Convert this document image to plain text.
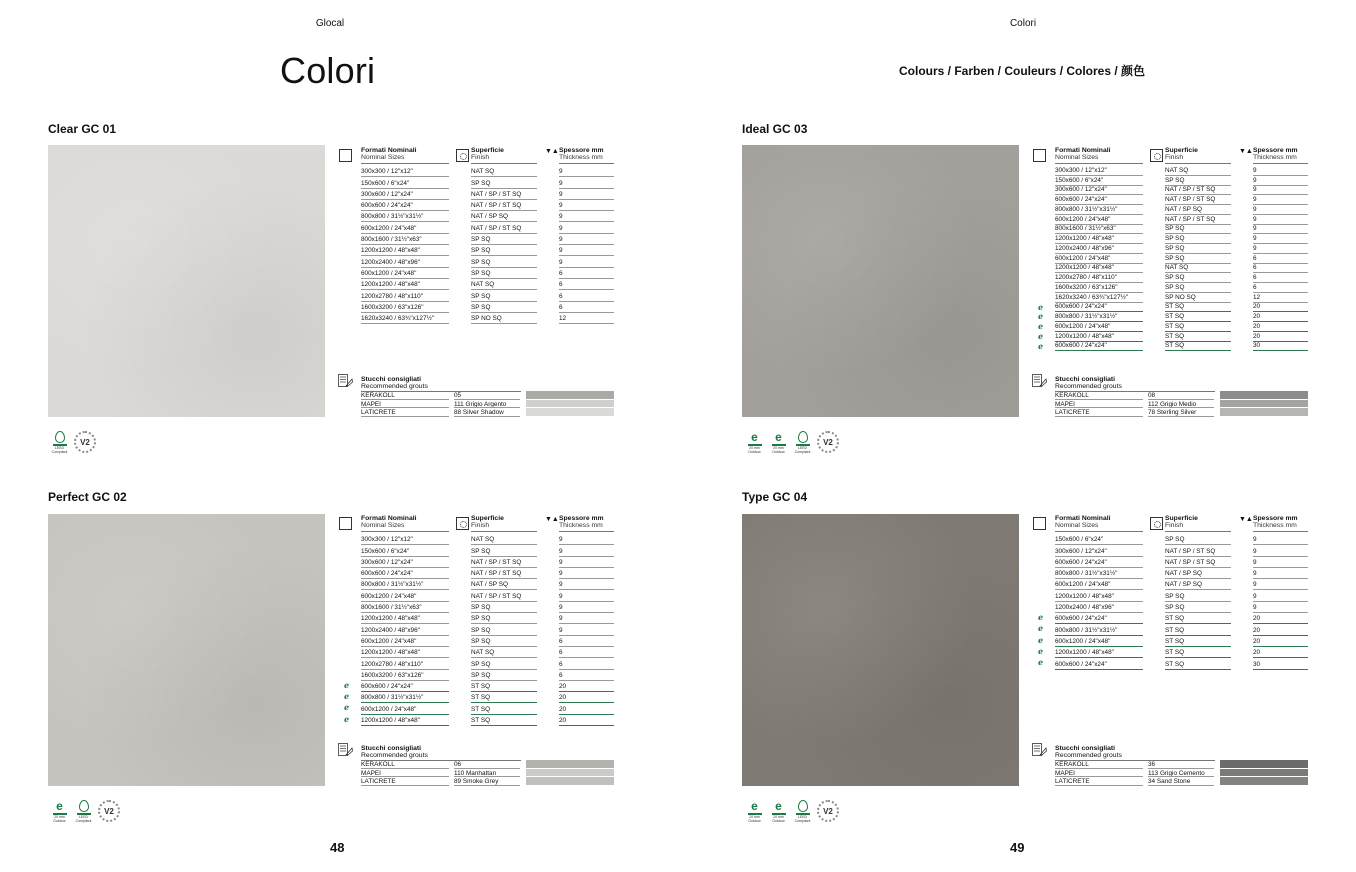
Glocal
Colori
Colori
Colours / Farben / Couleurs / Colores / 颜色
48	49
Clear GC 01
▼▲
Formati Nominali
Nominal Sizes
Superficie
Finish
Spessore mm
Thickness mm
300x300 / 12"x12"	NAT SQ	9
150x600 / 6"x24"	SP SQ	9
300x600 / 12"x24"	NAT / SP / ST SQ	9
600x600 / 24"x24"	NAT / SP / ST SQ	9
800x800 / 31½"x31½"	NAT / SP SQ	9
600x1200 / 24"x48"	NAT / SP / ST SQ	9
800x1600 / 31½"x63"	SP SQ	9
1200x1200 / 48"x48"	SP SQ	9
1200x2400 / 48"x96"	SP SQ	9
600x1200 / 24"x48"	SP SQ	6
1200x1200 / 48"x48"	NAT SQ	6
1200x2780 / 48"x110"	SP SQ	6
1600x3200 / 63"x126"	SP SQ	6
1620x3240 / 63¾"x127½"	SP NO SQ	12
Stucchi consigliati
Recommended grouts
KERAKOLL	05
MAPEI	111 Grigio Argento
LATICRETE	88 Silver Shadow
LEED Compliant
V2
Ideal GC 03
▼▲
Formati Nominali
Nominal Sizes
Superficie
Finish
Spessore mm
Thickness mm
300x300 / 12"x12"	NAT SQ	9
150x600 / 6"x24"	SP SQ	9
300x600 / 12"x24"	NAT / SP / ST SQ	9
600x600 / 24"x24"	NAT / SP / ST SQ	9
800x800 / 31½"x31½"	NAT / SP SQ	9
600x1200 / 24"x48"	NAT / SP / ST SQ	9
800x1600 / 31½"x63"	SP SQ	9
1200x1200 / 48"x48"	SP SQ	9
1200x2400 / 48"x96"	SP SQ	9
600x1200 / 24"x48"	SP SQ	6
1200x1200 / 48"x48"	NAT SQ	6
1200x2780 / 48"x110"	SP SQ	6
1600x3200 / 63"x126"	SP SQ	6
1620x3240 / 63¾"x127½"	SP NO SQ	12
ℯ 600x600 / 24"x24"	ST SQ	20
ℯ 800x800 / 31½"x31½"	ST SQ	20
ℯ 600x1200 / 24"x48"	ST SQ	20
ℯ 1200x1200 / 48"x48"	ST SQ	20
ℯ 600x600 / 24"x24"	ST SQ	30
Stucchi consigliati
Recommended grouts
KERAKOLL	08
MAPEI	112 Grigio Medio
LATICRETE	78 Sterling Silver
e
20 mm Outdoor
e
20 mm Outdoor
LEED Compliant
V2
Perfect GC 02
▼▲
Formati Nominali
Nominal Sizes
Superficie
Finish
Spessore mm
Thickness mm
300x300 / 12"x12"	NAT SQ	9
150x600 / 6"x24"	SP SQ	9
300x600 / 12"x24"	NAT / SP / ST SQ	9
600x600 / 24"x24"	NAT / SP / ST SQ	9
800x800 / 31½"x31½"	NAT / SP SQ	9
600x1200 / 24"x48"	NAT / SP / ST SQ	9
800x1600 / 31½"x63"	SP SQ	9
1200x1200 / 48"x48"	SP SQ	9
1200x2400 / 48"x96"	SP SQ	9
600x1200 / 24"x48"	SP SQ	6
1200x1200 / 48"x48"	NAT SQ	6
1200x2780 / 48"x110"	SP SQ	6
1600x3200 / 63"x126"	SP SQ	6
ℯ 600x600 / 24"x24"	ST SQ	20
ℯ 800x800 / 31½"x31½"	ST SQ	20
ℯ 600x1200 / 24"x48"	ST SQ	20
ℯ 1200x1200 / 48"x48"	ST SQ	20
Stucchi consigliati
Recommended grouts
KERAKOLL	06
MAPEI	110 Manhattan
LATICRETE	89 Smoke Grey
e
20 mm Outdoor
LEED Compliant
V2
Type GC 04
▼▲
Formati Nominali
Nominal Sizes
Superficie
Finish
Spessore mm
Thickness mm
150x600 / 6"x24"	SP SQ	9
300x600 / 12"x24"	NAT / SP / ST SQ	9
600x600 / 24"x24"	NAT / SP / ST SQ	9
800x800 / 31½"x31½"	NAT / SP SQ	9
600x1200 / 24"x48"	NAT / SP SQ	9
1200x1200 / 48"x48"	SP SQ	9
1200x2400 / 48"x96"	SP SQ	9
ℯ 600x600 / 24"x24"	ST SQ	20
ℯ 800x800 / 31½"x31½"	ST SQ	20
ℯ 600x1200 / 24"x48"	ST SQ	20
ℯ 1200x1200 / 48"x48"	ST SQ	20
ℯ 600x600 / 24"x24"	ST SQ	30
Stucchi consigliati
Recommended grouts
KERAKOLL	36
MAPEI	113 Grigio Cemento
LATICRETE	34 Sand Stone
e
20 mm Outdoor
e
20 mm Outdoor
LEED Compliant
V2
